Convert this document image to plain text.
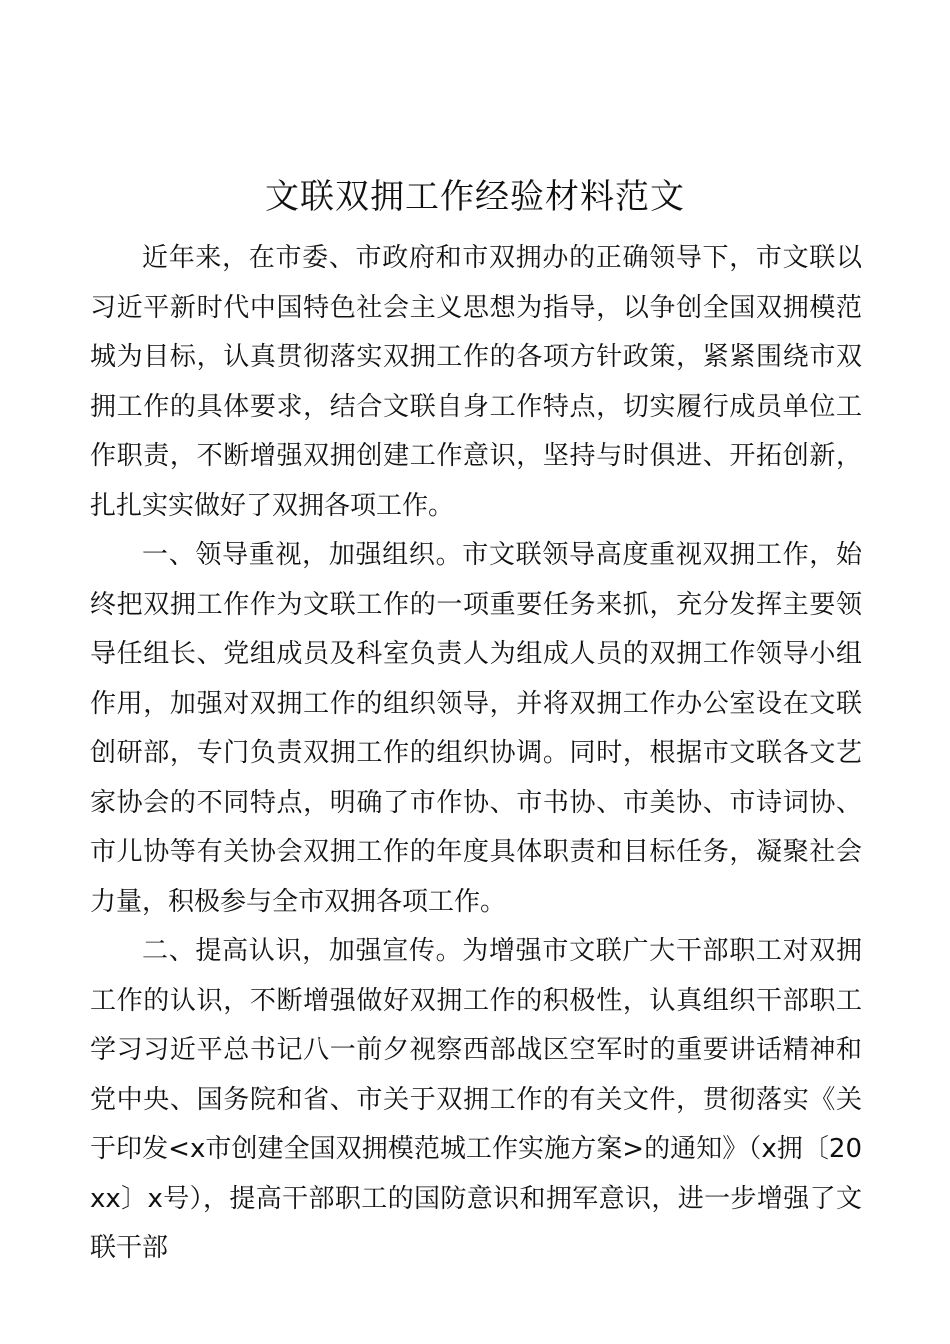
文联双拥工作经验材料范文

近年来，在市委、市政府和市双拥办的正确领导下，市文联以习近平新时代中国特色社会主义思想为指导，以争创全国双拥模范城为目标，认真贯彻落实双拥工作的各项方针政策，紧紧围绕市双拥工作的具体要求，结合文联自身工作特点，切实履行成员单位工作职责，不断增强双拥创建工作意识，坚持与时俱进、开拓创新，扎扎实实做好了双拥各项工作。

一、领导重视，加强组织。市文联领导高度重视双拥工作，始终把双拥工作作为文联工作的一项重要任务来抓，充分发挥主要领导任组长、党组成员及科室负责人为组成人员的双拥工作领导小组作用，加强对双拥工作的组织领导，并将双拥工作办公室设在文联创研部，专门负责双拥工作的组织协调。同时，根据市文联各文艺家协会的不同特点，明确了市作协、市书协、市美协、市诗词协、市儿协等有关协会双拥工作的年度具体职责和目标任务，凝聚社会力量，积极参与全市双拥各项工作。

二、提高认识，加强宣传。为增强市文联广大干部职工对双拥工作的认识，不断增强做好双拥工作的积极性，认真组织干部职工学习习近平总书记八一前夕视察西部战区空军时的重要讲话精神和党中央、国务院和省、市关于双拥工作的有关文件，贯彻落实《关于印发<x市创建全国双拥模范城工作实施方案>的通知》（x拥〔20xx〕x号），提高干部职工的国防意识和拥军意识，进一步增强了文联干部
